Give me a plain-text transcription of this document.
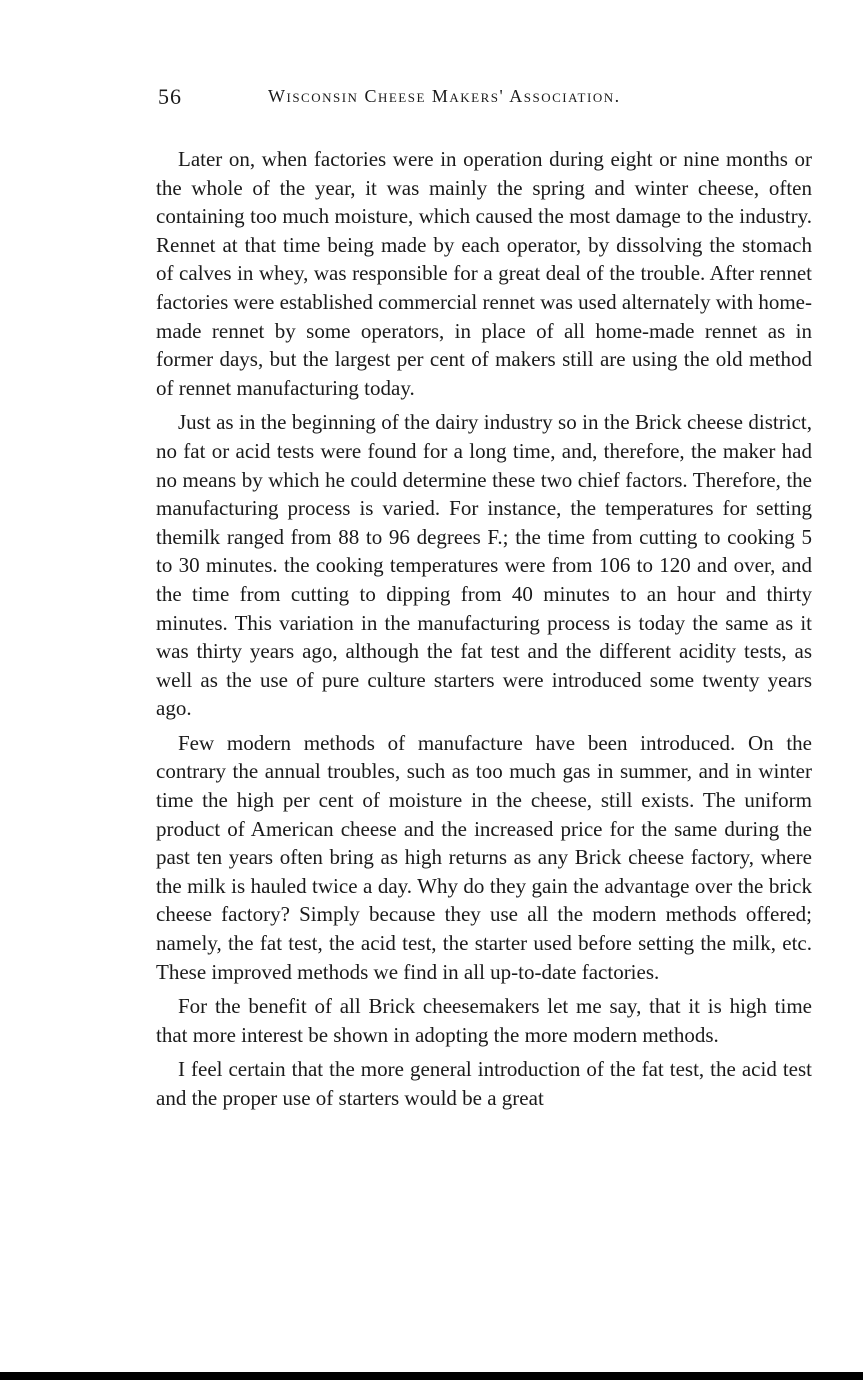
56	Wisconsin Cheese Makers' Association.

Later on, when factories were in operation during eight or nine months or the whole of the year, it was mainly the spring and winter cheese, often containing too much moisture, which caused the most damage to the industry. Rennet at that time being made by each operator, by dissolving the stomach of calves in whey, was responsible for a great deal of the trouble. After rennet factories were established commercial rennet was used alternately with home-made rennet by some operators, in place of all home-made rennet as in former days, but the largest per cent of makers still are using the old method of rennet manufacturing today.

Just as in the beginning of the dairy industry so in the Brick cheese district, no fat or acid tests were found for a long time, and, therefore, the maker had no means by which he could determine these two chief factors. Therefore, the manufacturing process is varied. For instance, the temperatures for setting themilk ranged from 88 to 96 degrees F.; the time from cutting to cooking 5 to 30 minutes. the cooking temperatures were from 106 to 120 and over, and the time from cutting to dipping from 40 minutes to an hour and thirty minutes. This variation in the manufacturing process is today the same as it was thirty years ago, although the fat test and the different acidity tests, as well as the use of pure culture starters were introduced some twenty years ago.

Few modern methods of manufacture have been introduced. On the contrary the annual troubles, such as too much gas in summer, and in winter time the high per cent of moisture in the cheese, still exists. The uniform product of American cheese and the increased price for the same during the past ten years often bring as high returns as any Brick cheese factory, where the milk is hauled twice a day. Why do they gain the advantage over the brick cheese factory? Simply because they use all the modern methods offered; namely, the fat test, the acid test, the starter used before setting the milk, etc. These improved methods we find in all up-to-date factories.

For the benefit of all Brick cheesemakers let me say, that it is high time that more interest be shown in adopting the more modern methods.

I feel certain that the more general introduction of the fat test, the acid test and the proper use of starters would be a great
